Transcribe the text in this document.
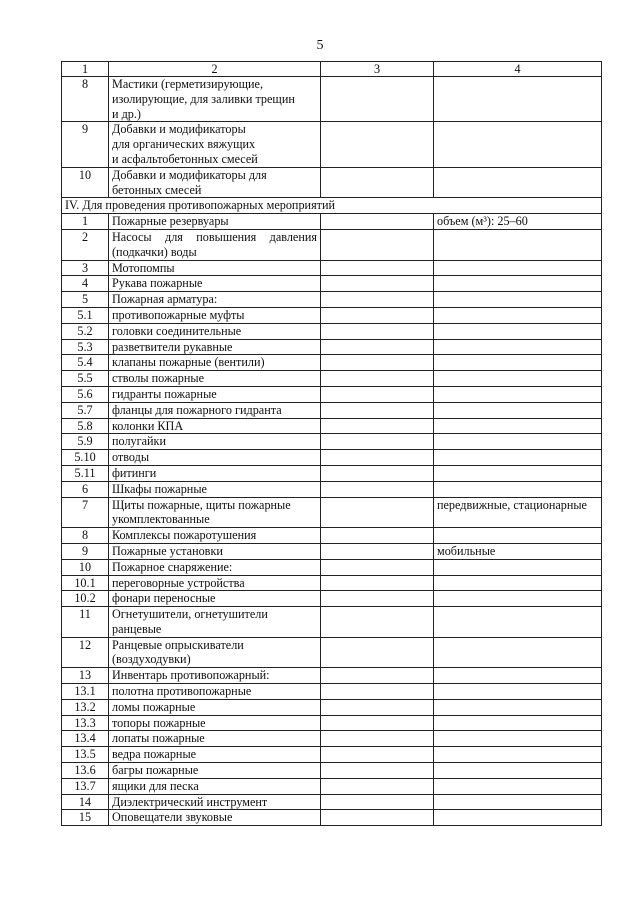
5
1	2	3	4
8	Мастики (герметизирующие,
изолирующие, для заливки трещин
и др.)		
9	Добавки и модификаторы
для органических вяжущих
и асфальтобетонных смесей		
10	Добавки и модификаторы для
бетонных смесей		
IV. Для проведения противопожарных мероприятий			
1	Пожарные резервуары		объем (м³): 25–60
2	Насосы для повышения давления (подкачки) воды		
3	Мотопомпы		
4	Рукава пожарные		
5	Пожарная арматура:		
5.1	противопожарные муфты		
5.2	головки соединительные		
5.3	разветвители рукавные		
5.4	клапаны пожарные (вентили)		
5.5	стволы пожарные		
5.6	гидранты пожарные		
5.7	фланцы для пожарного гидранта		
5.8	колонки КПА		
5.9	полугайки		
5.10	отводы		
5.11	фитинги		
6	Шкафы пожарные		
7	Щиты пожарные, щиты пожарные укомплектованные		передвижные, стационарные
8	Комплексы пожаротушения		
9	Пожарные установки		мобильные
10	Пожарное снаряжение:		
10.1	переговорные устройства		
10.2	фонари переносные		
11	Огнетушители, огнетушители ранцевые		
12	Ранцевые опрыскиватели (воздуходувки)		
13	Инвентарь противопожарный:		
13.1	полотна противопожарные		
13.2	ломы пожарные		
13.3	топоры пожарные		
13.4	лопаты пожарные		
13.5	ведра пожарные		
13.6	багры пожарные		
13.7	ящики для песка		
14	Диэлектрический инструмент		
15	Оповещатели звуковые		
